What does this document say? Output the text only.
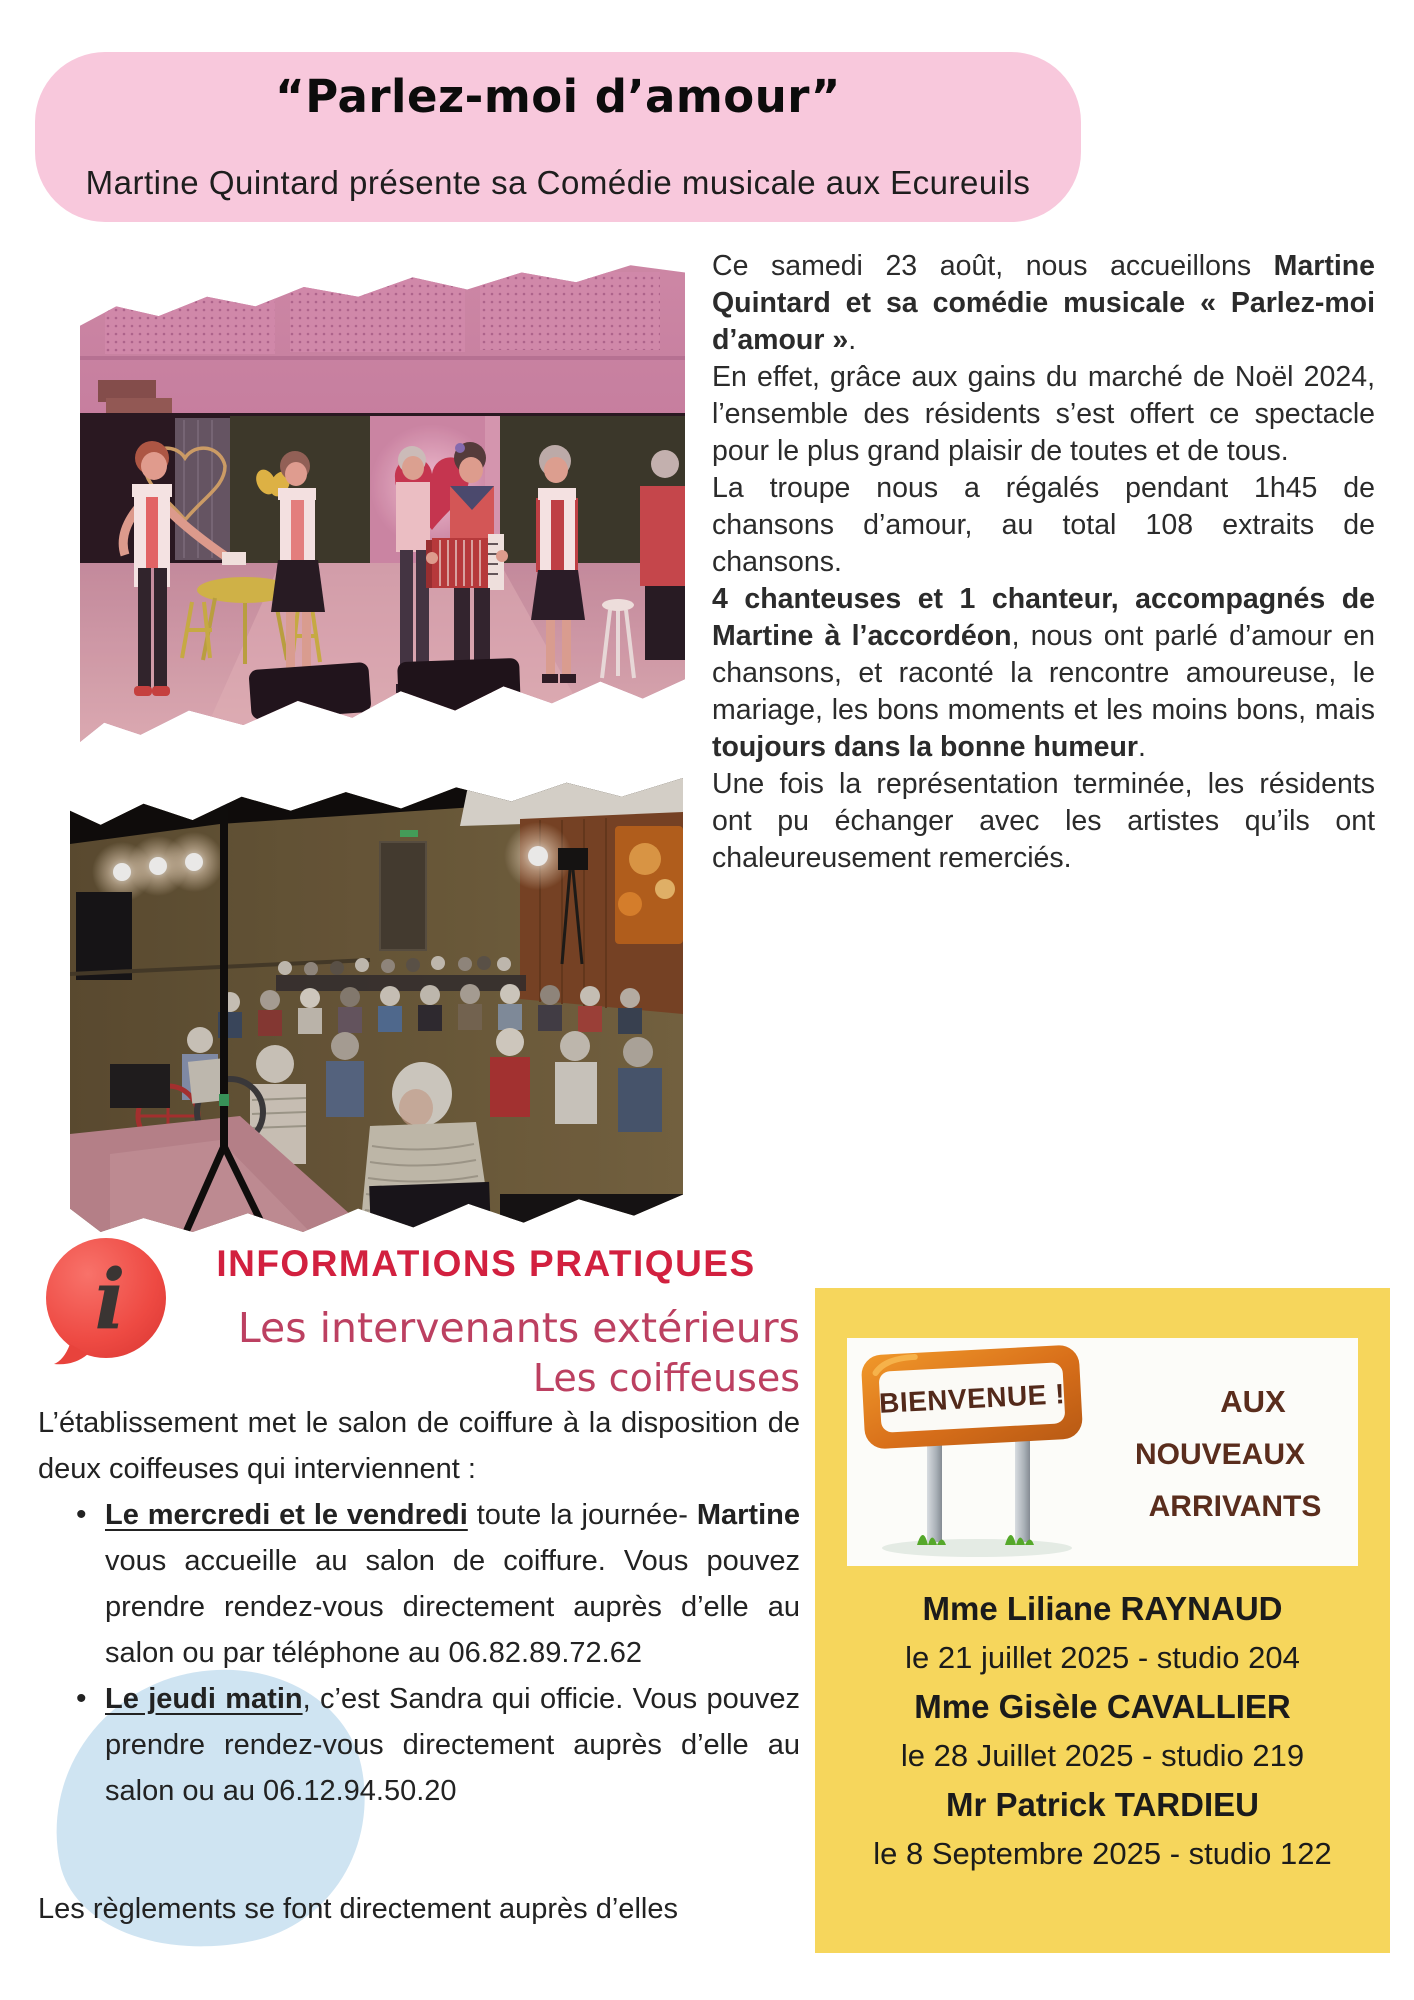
“Parlez-moi d’amour”
Martine Quintard présente sa Comédie musicale aux Ecureuils

Ce samedi 23 août, nous accueillons Martine Quintard et sa comédie musicale « Parlez-moi d’amour ».

En effet, grâce aux gains du marché de Noël 2024, l’ensemble des résidents s’est offert ce spectacle pour le plus grand plaisir de toutes et de tous.

La troupe nous a régalés pendant 1h45 de chansons d’amour, au total 108 extraits de chansons.

4 chanteuses et 1 chanteur, accompagnés de Martine à l’accordéon, nous ont parlé d’amour en chansons, et raconté la rencontre amoureuse, le mariage, les bons moments et les moins bons, mais toujours dans la bonne humeur.

Une fois la représentation terminée, les résidents ont pu échanger avec les artistes qu’ils ont chaleureusement remerciés.

i	INFORMATIONS PRATIQUES
Les intervenants extérieurs
Les coiffeuses

L’établissement met le salon de coiffure à la disposition de deux coiffeuses qui interviennent :

• Le mercredi et le vendredi toute la journée- Martine vous accueille au salon de coiffure. Vous pouvez prendre rendez-vous directement auprès d’elle au salon ou par téléphone au 06.82.89.72.62

• Le jeudi matin, c’est Sandra qui officie. Vous pouvez prendre rendez-vous directement auprès d’elle au salon ou au 06.12.94.50.20

Les règlements se font directement auprès d’elles
BIENVENUE !	AUX
NOUVEAUX
ARRIVANTS
Mme Liliane RAYNAUD
le 21 juillet 2025 - studio 204
Mme Gisèle CAVALLIER
le 28 Juillet 2025 - studio 219
Mr Patrick TARDIEU
le 8 Septembre 2025 - studio 122
